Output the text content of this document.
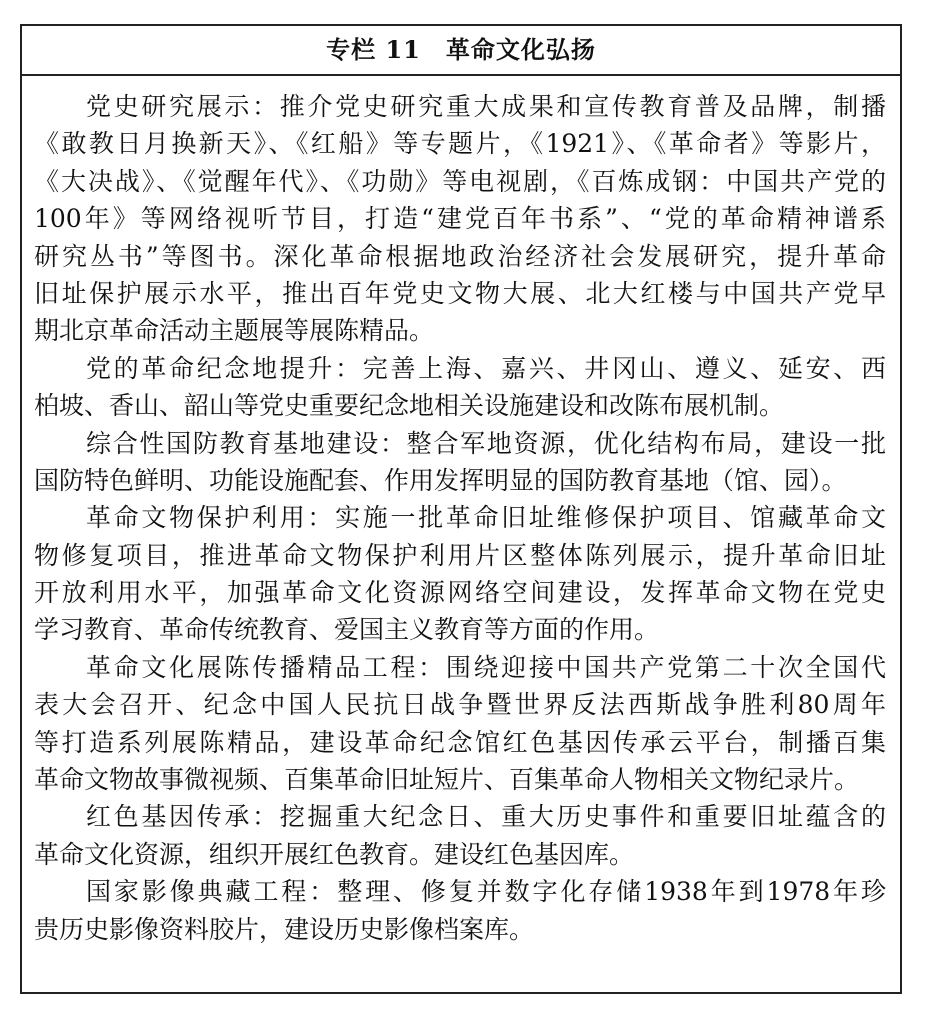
专栏 11　革命文化弘扬
党史研究展示：推介党史研究重大成果和宣传教育普及品牌，制播
《敢教日月换新天》、《红船》等专题片，《1921》、《革命者》等影片，
《大决战》、《觉醒年代》、《功勋》等电视剧，《百炼成钢：中国共产党的
100年》等网络视听节目，打造“建党百年书系”、“党的革命精神谱系
研究丛书”等图书。深化革命根据地政治经济社会发展研究，提升革命
旧址保护展示水平，推出百年党史文物大展、北大红楼与中国共产党早
期北京革命活动主题展等展陈精品。
党的革命纪念地提升：完善上海、嘉兴、井冈山、遵义、延安、西
柏坡、香山、韶山等党史重要纪念地相关设施建设和改陈布展机制。
综合性国防教育基地建设：整合军地资源，优化结构布局，建设一批
国防特色鲜明、功能设施配套、作用发挥明显的国防教育基地（馆、园）。
革命文物保护利用：实施一批革命旧址维修保护项目、馆藏革命文
物修复项目，推进革命文物保护利用片区整体陈列展示，提升革命旧址
开放利用水平，加强革命文化资源网络空间建设，发挥革命文物在党史
学习教育、革命传统教育、爱国主义教育等方面的作用。
革命文化展陈传播精品工程：围绕迎接中国共产党第二十次全国代
表大会召开、纪念中国人民抗日战争暨世界反法西斯战争胜利80周年
等打造系列展陈精品，建设革命纪念馆红色基因传承云平台，制播百集
革命文物故事微视频、百集革命旧址短片、百集革命人物相关文物纪录片。
红色基因传承：挖掘重大纪念日、重大历史事件和重要旧址蕴含的
革命文化资源，组织开展红色教育。建设红色基因库。
国家影像典藏工程：整理、修复并数字化存储1938年到1978年珍
贵历史影像资料胶片，建设历史影像档案库。
